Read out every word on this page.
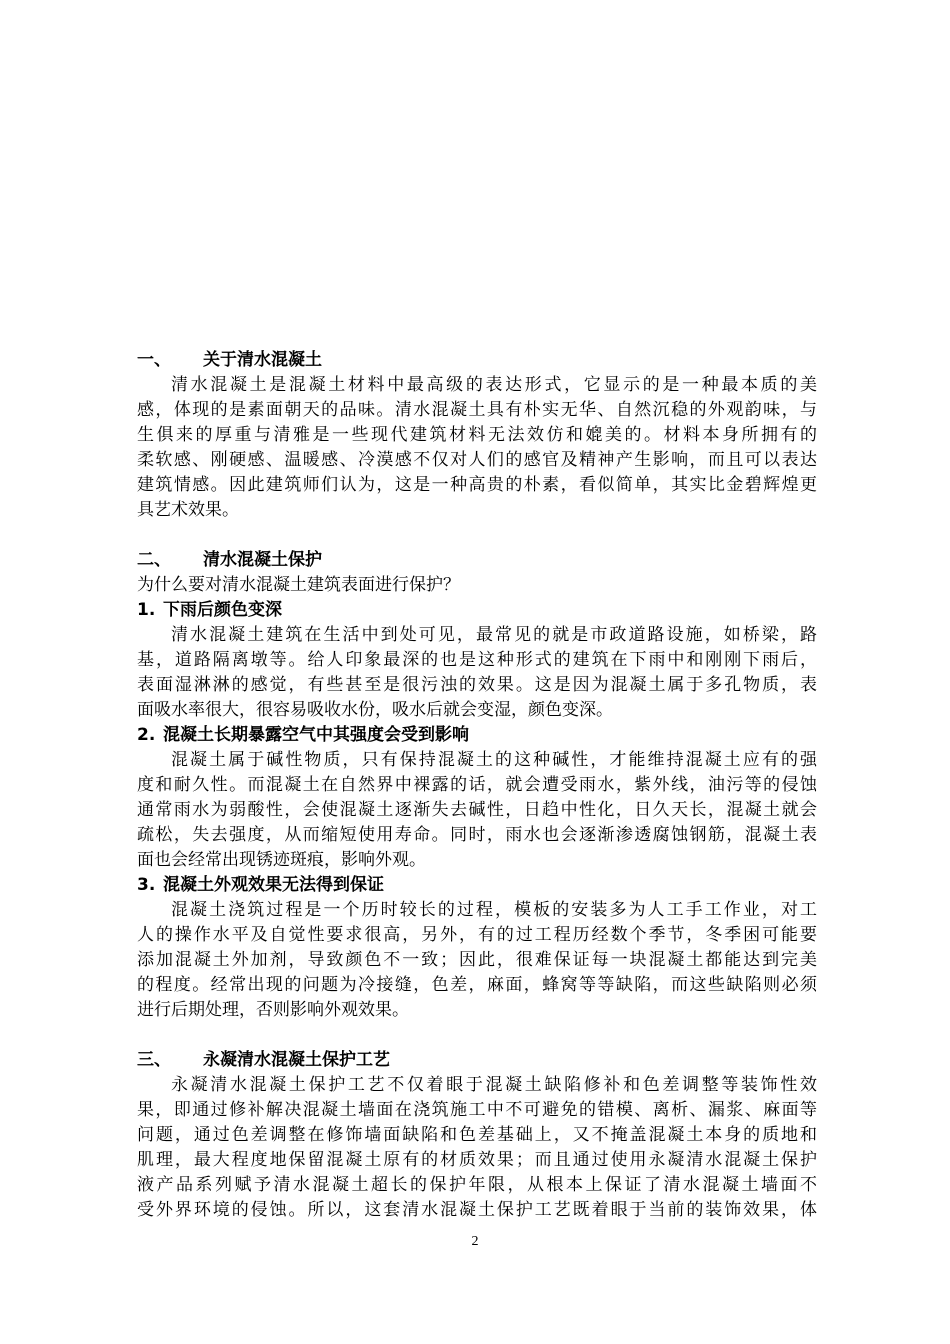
一、 关于清水混凝土
清水混凝土是混凝土材料中最高级的表达形式，它显示的是一种最本质的美
感，体现的是素面朝天的品味。清水混凝土具有朴实无华、自然沉稳的外观韵味，与
生俱来的厚重与清雅是一些现代建筑材料无法效仿和媲美的。材料本身所拥有的
柔软感、刚硬感、温暖感、冷漠感不仅对人们的感官及精神产生影响，而且可以表达
建筑情感。因此建筑师们认为，这是一种高贵的朴素，看似简单，其实比金碧辉煌更
具艺术效果。
二、 清水混凝土保护
为什么要对清水混凝土建筑表面进行保护？
1. 下雨后颜色变深
清水混凝土建筑在生活中到处可见，最常见的就是市政道路设施，如桥梁，路
基，道路隔离墩等。给人印象最深的也是这种形式的建筑在下雨中和刚刚下雨后，
表面湿淋淋的感觉，有些甚至是很污浊的效果。这是因为混凝土属于多孔物质，表
面吸水率很大，很容易吸收水份，吸水后就会变湿，颜色变深。
2. 混凝土长期暴露空气中其强度会受到影响
混凝土属于碱性物质，只有保持混凝土的这种碱性，才能维持混凝土应有的强
度和耐久性。而混凝土在自然界中裸露的话，就会遭受雨水，紫外线，油污等的侵蚀
通常雨水为弱酸性，会使混凝土逐渐失去碱性，日趋中性化，日久天长，混凝土就会
疏松，失去强度，从而缩短使用寿命。同时，雨水也会逐渐渗透腐蚀钢筋，混凝土表
面也会经常出现锈迹斑痕，影响外观。
3. 混凝土外观效果无法得到保证
混凝土浇筑过程是一个历时较长的过程，模板的安装多为人工手工作业，对工
人的操作水平及自觉性要求很高，另外，有的过工程历经数个季节，冬季困可能要
添加混凝土外加剂，导致颜色不一致；因此，很难保证每一块混凝土都能达到完美
的程度。经常出现的问题为冷接缝，色差，麻面，蜂窝等等缺陷，而这些缺陷则必须
进行后期处理，否则影响外观效果。
三、 永凝清水混凝土保护工艺
永凝清水混凝土保护工艺不仅着眼于混凝土缺陷修补和色差调整等装饰性效
果，即通过修补解决混凝土墙面在浇筑施工中不可避免的错模、离析、漏浆、麻面等
问题，通过色差调整在修饰墙面缺陷和色差基础上，又不掩盖混凝土本身的质地和
肌理，最大程度地保留混凝土原有的材质效果；而且通过使用永凝清水混凝土保护
液产品系列赋予清水混凝土超长的保护年限，从根本上保证了清水混凝土墙面不
受外界环境的侵蚀。所以，这套清水混凝土保护工艺既着眼于当前的装饰效果，体
2
